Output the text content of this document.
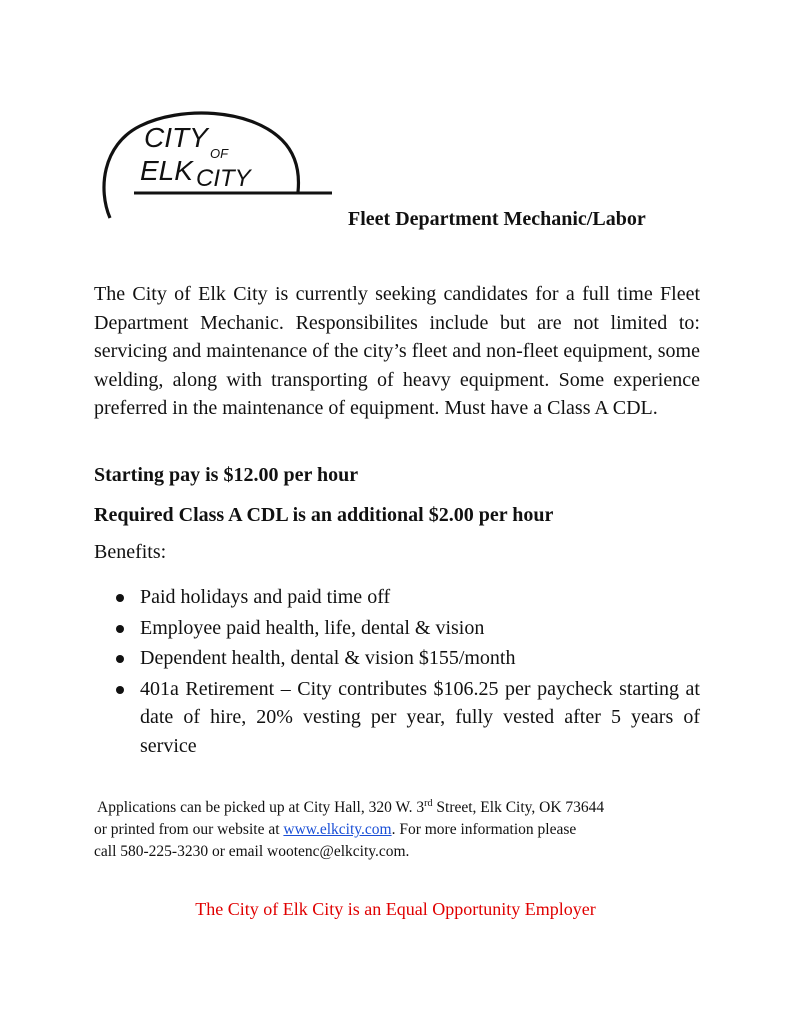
CITY
OF
ELK CITY
Fleet Department Mechanic/Labor

The City of Elk City is currently seeking candidates for a full time Fleet Department Mechanic. Responsibilites include but are not limited to: servicing and maintenance of the city’s fleet and non-fleet equipment, some welding, along with transporting of heavy equipment. Some experience preferred in the maintenance of equipment. Must have a Class A CDL.

Starting pay is $12.00 per hour
Required Class A CDL is an additional $2.00 per hour
Benefits:
Paid holidays and paid time off
Employee paid health, life, dental & vision
Dependent health, dental & vision $155/month
401a Retirement – City contributes $106.25 per paycheck starting at date of hire, 20% vesting per year, fully vested after 5 years of service

Applications can be picked up at City Hall, 320 W. 3rd Street, Elk City, OK 73644
or printed from our website at www.elkcity.com. For more information please
call 580-225-3230 or email wootenc@elkcity.com.

The City of Elk City is an Equal Opportunity Employer
